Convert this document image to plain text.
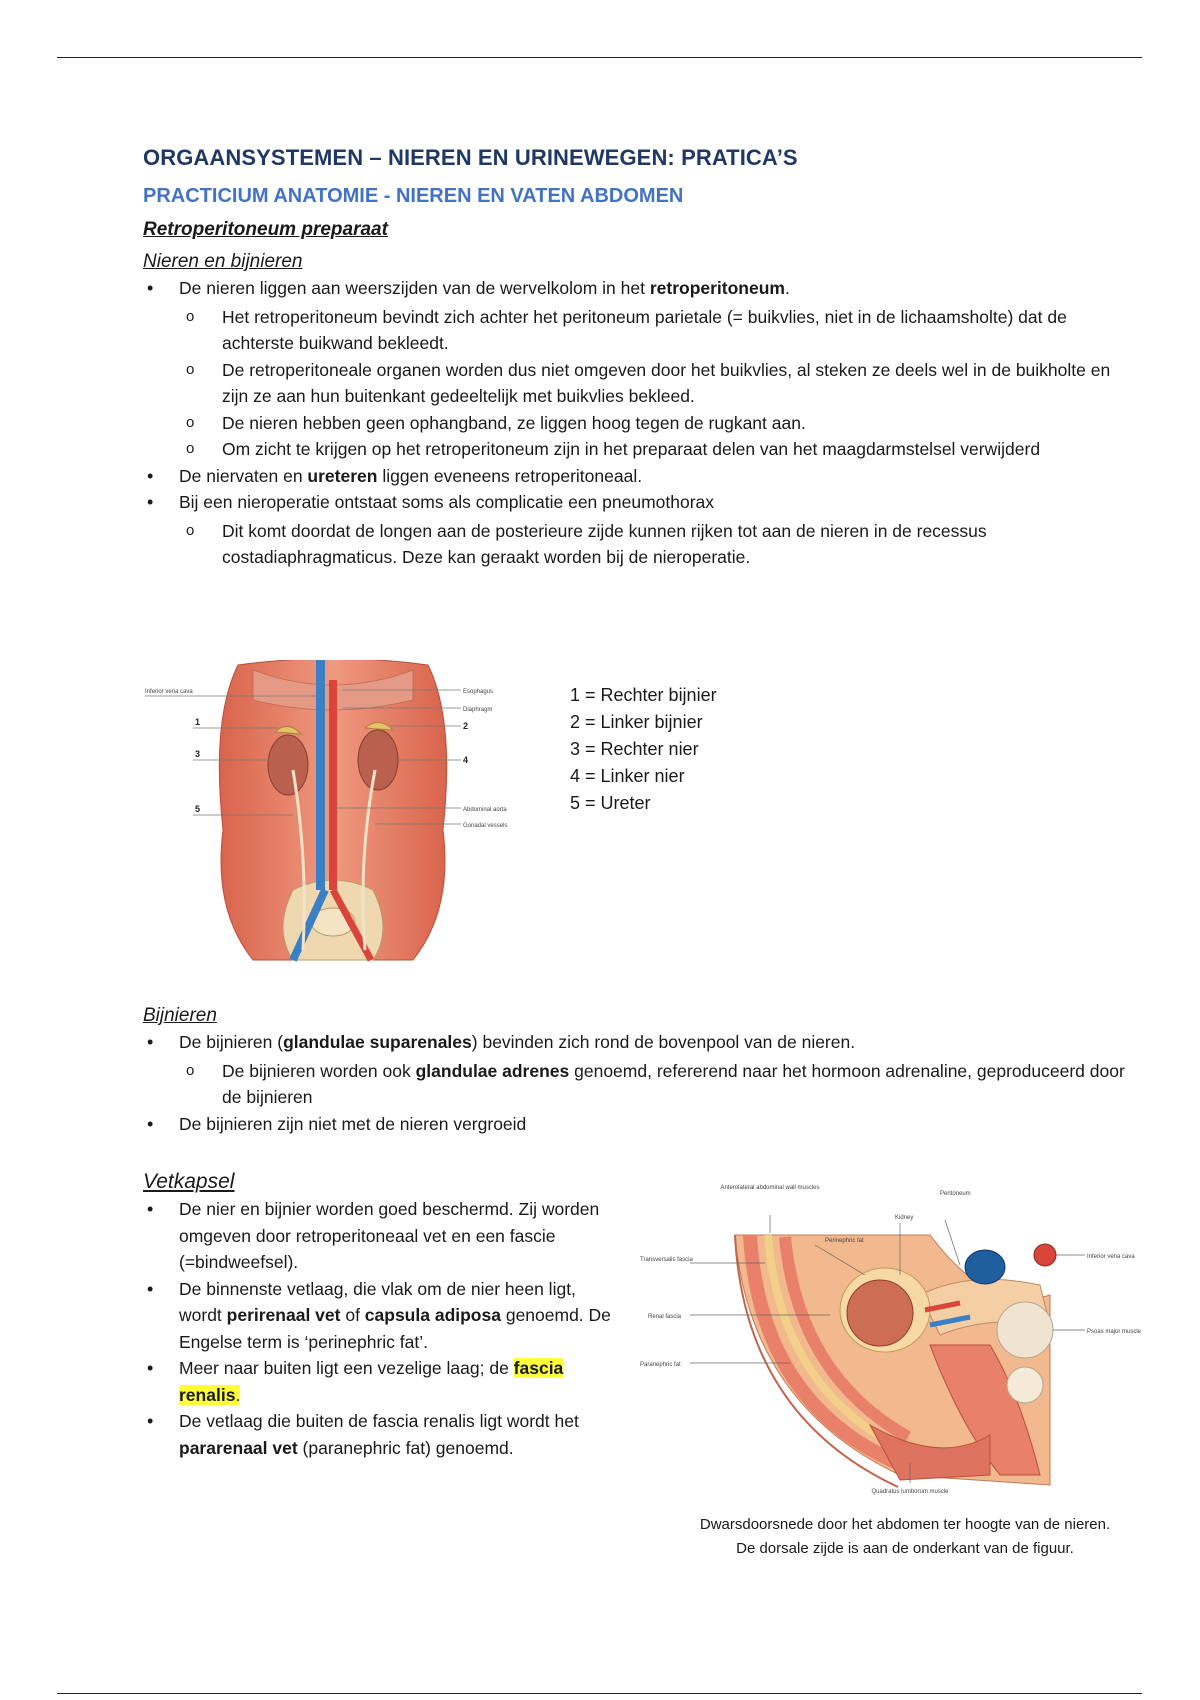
ORGAANSYSTEMEN – NIEREN EN URINEWEGEN: PRATICA’S
PRACTICIUM ANATOMIE - NIEREN EN VATEN ABDOMEN
Retroperitoneum preparaat
Nieren en bijnieren
• De nieren liggen aan weerszijden van de wervelkolom in het retroperitoneum.
o Het retroperitoneum bevindt zich achter het peritoneum parietale (= buikvlies, niet in de lichaamsholte) dat de achterste buikwand bekleedt.
o De retroperitoneale organen worden dus niet omgeven door het buikvlies, al steken ze deels wel in de buikholte en zijn ze aan hun buitenkant gedeeltelijk met buikvlies bekleed.
o De nieren hebben geen ophangband, ze liggen hoog tegen de rugkant aan.
o Om zicht te krijgen op het retroperitoneum zijn in het preparaat delen van het maagdarmstelsel verwijderd
• De niervaten en ureteren liggen eveneens retroperitoneaal.
• Bij een nieroperatie ontstaat soms als complicatie een pneumothorax
o Dit komt doordat de longen aan de posterieure zijde kunnen rijken tot aan de nieren in de recessus costadiaphragmaticus. Deze kan geraakt worden bij de nieroperatie.
Inferior vena cava
1
3
5
Esophagus
Diaphragm
2
4
Abdominal aorta
Gonadal vessels
1 = Rechter bijnier
2 = Linker bijnier
3 = Rechter nier
4 = Linker nier
5 = Ureter
Bijnieren
• De bijnieren (glandulae suparenales) bevinden zich rond de bovenpool van de nieren.
o De bijnieren worden ook glandulae adrenes genoemd, refererend naar het hormoon adrenaline, geproduceerd door de bijnieren
• De bijnieren zijn niet met de nieren vergroeid
Vetkapsel
• De nier en bijnier worden goed beschermd. Zij worden omgeven door retroperitoneaal vet en een fascie (=bindweefsel).
• De binnenste vetlaag, die vlak om de nier heen ligt, wordt perirenaal vet of capsula adiposa genoemd. De Engelse term is ‘perinephric fat’.
• Meer naar buiten ligt een vezelige laag; de fascia renalis.
• De vetlaag die buiten de fascia renalis ligt wordt het pararenaal vet (paranephric fat) genoemd.
Anterolateral abdominal wall muscles
Peritoneum
Kidney
Perinephric fat
Transversalis fascia
Renal fascia
Paranephric fat
Inferior vena cava
Psoas major muscle
Quadratus lumborum muscle
Dwarsdoorsnede door het abdomen ter hoogte van de nieren.
De dorsale zijde is aan de onderkant van de figuur.
